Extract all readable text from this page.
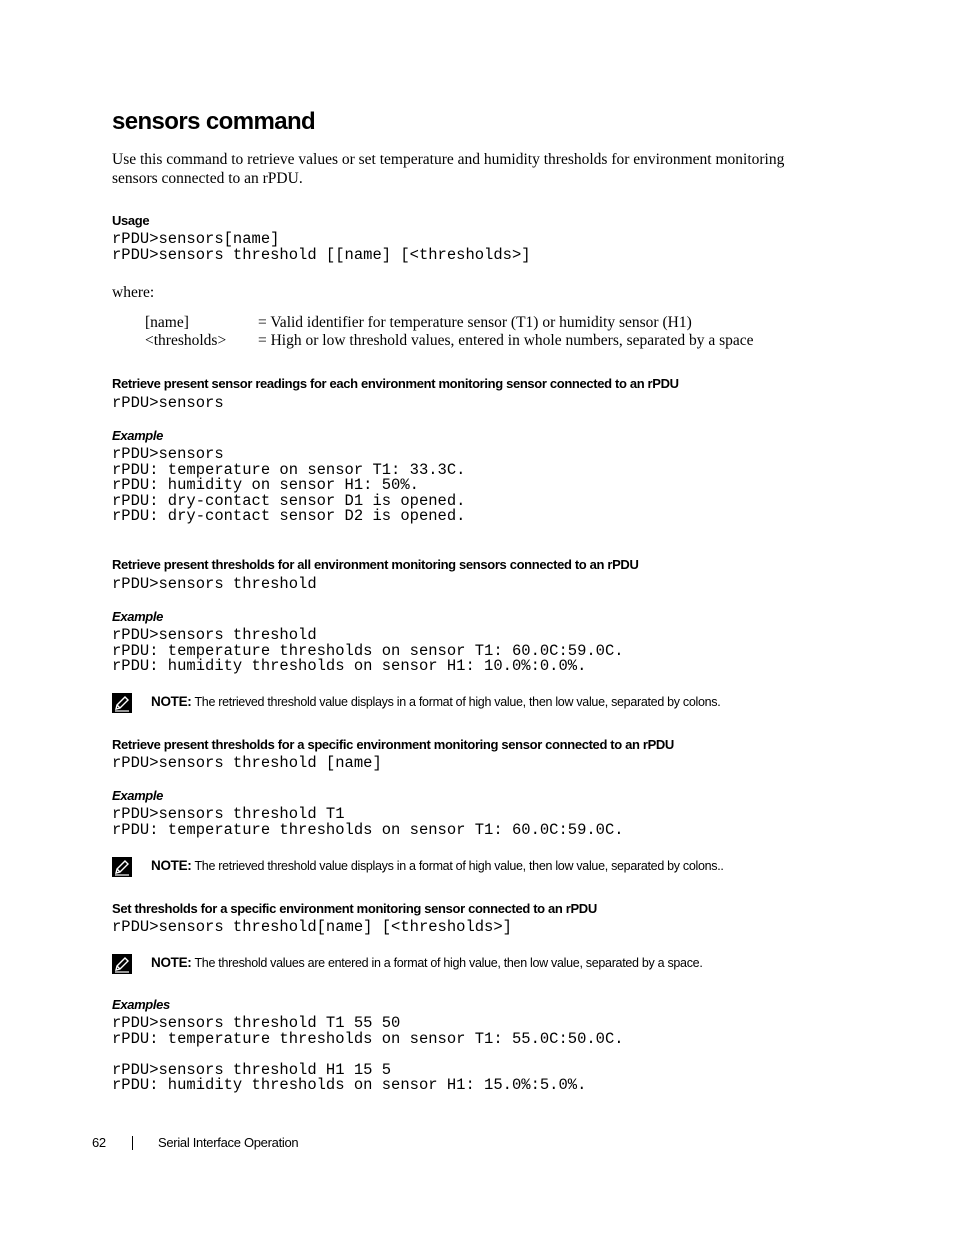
sensors command

Use this command to retrieve values or set temperature and humidity thresholds for environment monitoring sensors connected to an rPDU.

Usage
rPDU>sensors[name]
rPDU>sensors threshold [[name] [<thresholds>]
where:
[name]	= Valid identifier for temperature sensor (T1) or humidity sensor (H1)
<thresholds> = High or low threshold values, entered in whole numbers, separated by a space
Retrieve present sensor readings for each environment monitoring sensor connected to an rPDU
rPDU>sensors
Example
rPDU>sensors
rPDU: temperature on sensor T1: 33.3C.
rPDU: humidity on sensor H1: 50%.
rPDU: dry-contact sensor D1 is opened.
rPDU: dry-contact sensor D2 is opened.
Retrieve present thresholds for all environment monitoring sensors connected to an rPDU
rPDU>sensors threshold
Example
rPDU>sensors threshold
rPDU: temperature thresholds on sensor T1: 60.0C:59.0C.
rPDU: humidity thresholds on sensor H1: 10.0%:0.0%.
NOTE: The retrieved threshold value displays in a format of high value, then low value, separated by colons.
Retrieve present thresholds for a specific environment monitoring sensor connected to an rPDU
rPDU>sensors threshold [name]
Example
rPDU>sensors threshold T1
rPDU: temperature thresholds on sensor T1: 60.0C:59.0C.
NOTE: The retrieved threshold value displays in a format of high value, then low value, separated by colons..
Set thresholds for a specific environment monitoring sensor connected to an rPDU
rPDU>sensors threshold[name] [<thresholds>]
NOTE: The threshold values are entered in a format of high value, then low value, separated by a space.
Examples
rPDU>sensors threshold T1 55 50
rPDU: temperature thresholds on sensor T1: 55.0C:50.0C.
rPDU>sensors threshold H1 15 5
rPDU: humidity thresholds on sensor H1: 15.0%:5.0%.
62	Serial Interface Operation
